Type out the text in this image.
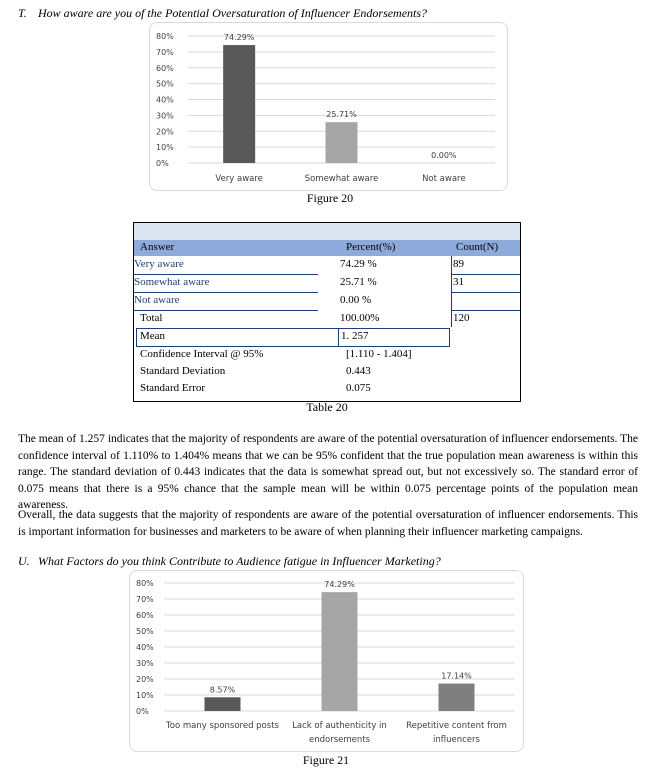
T. How aware are you of the Potential Oversaturation of Influencer Endorsements?
0%
10%
20%
30%
40%
50%
60%
70%
80%	74.29%
Very aware
25.71%
Somewhat aware
0.00%
Not aware
Figure 20
Answer	Percent(%)	Count(N)
Very aware	74.29 %	89
Somewhat aware	25.71 %	31
Not aware	0.00 %
Total	100.00%	120
Mean	1. 257
Confidence Interval @ 95%	[1.110 - 1.404]
Standard Deviation	0.443
Standard Error	0.075
Table 20
The mean of 1.257 indicates that the majority of respondents are aware of the potential oversaturation of influencer endorsements. The confidence interval of 1.110% to 1.404% means that we can be 95% confident that the true population mean awareness is within this range. The standard deviation of 0.443 indicates that the data is somewhat spread out, but not excessively so. The standard error of 0.075 means that there is a 95% chance that the sample mean will be within 0.075 percentage points of the population mean awareness.
Overall, the data suggests that the majority of respondents are aware of the potential oversaturation of influencer endorsements. This is important information for businesses and marketers to be aware of when planning their influencer marketing campaigns.
U. What Factors do you think Contribute to Audience fatigue in Influencer Marketing?
0%
10%
20%
30%
40%
50%
60%
70%
80%
8.57%
Too many sponsored posts
74.29%
Lack of authenticity in
endorsements
17.14%
Repetitive content from
influencers
Figure 21
